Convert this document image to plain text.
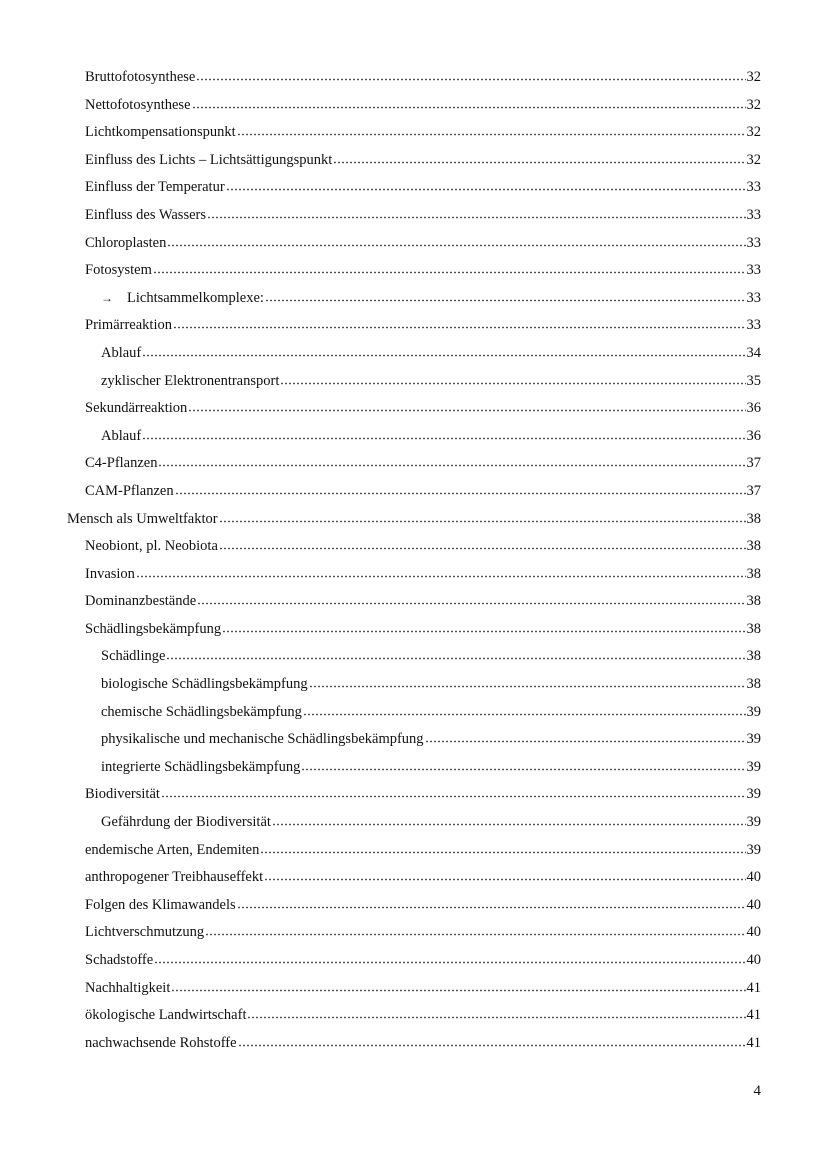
Bruttofotosynthese	32
Nettofotosynthese	32
Lichtkompensationspunkt	32
Einfluss des Lichts – Lichtsättigungspunkt	32
Einfluss der Temperatur	33
Einfluss des Wassers	33
Chloroplasten	33
Fotosystem	33
→ Lichtsammelkomplexe:	33
Primärreaktion	33
Ablauf	34
zyklischer Elektronentransport	35
Sekundärreaktion	36
Ablauf	36
C4-Pflanzen	37
CAM-Pflanzen	37
Mensch als Umweltfaktor	38
Neobiont, pl. Neobiota	38
Invasion	38
Dominanzbestände	38
Schädlingsbekämpfung	38
Schädlinge	38
biologische Schädlingsbekämpfung	38
chemische Schädlingsbekämpfung	39
physikalische und mechanische Schädlingsbekämpfung	39
integrierte Schädlingsbekämpfung	39
Biodiversität	39
Gefährdung der Biodiversität	39
endemische Arten, Endemiten	39
anthropogener Treibhauseffekt	40
Folgen des Klimawandels	40
Lichtverschmutzung	40
Schadstoffe	40
Nachhaltigkeit	41
ökologische Landwirtschaft	41
nachwachsende Rohstoffe	41
4
